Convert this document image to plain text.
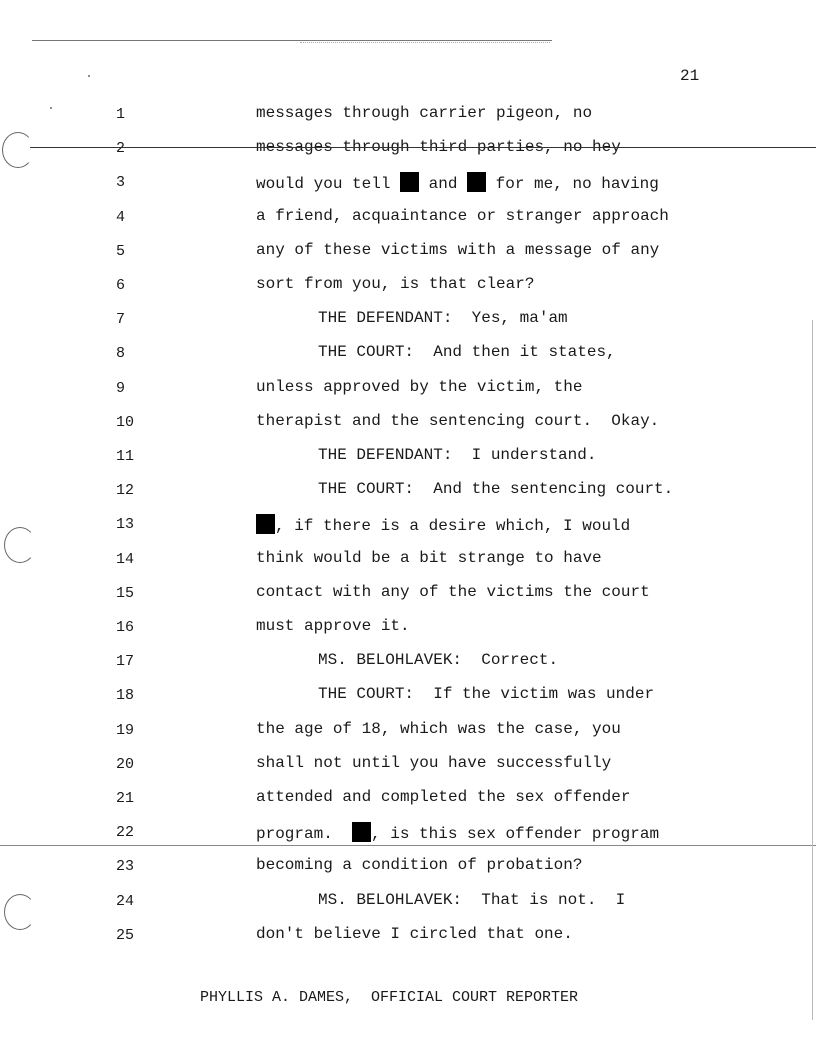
21
1	messages through carrier pigeon, no
2	messages through third parties, no hey
3	would you tell  and  for me, no having
4	a friend, acquaintance or stranger approach
5	any of these victims with a message of any
6	sort from you, is that clear?
7	THE DEFENDANT:  Yes, ma'am
8	THE COURT:  And then it states,
9	unless approved by the victim, the
10	therapist and the sentencing court.  Okay.
11	THE DEFENDANT:  I understand.
12	THE COURT:  And the sentencing court.
13	, if there is a desire which, I would
14	think would be a bit strange to have
15	contact with any of the victims the court
16	must approve it.
17	MS. BELOHLAVEK:  Correct.
18	THE COURT:  If the victim was under
19	the age of 18, which was the case, you
20	shall not until you have successfully
21	attended and completed the sex offender
22	program.  , is this sex offender program
23	becoming a condition of probation?
24	MS. BELOHLAVEK:  That is not.  I
25	don't believe I circled that one.
PHYLLIS A. DAMES,  OFFICIAL COURT REPORTER
